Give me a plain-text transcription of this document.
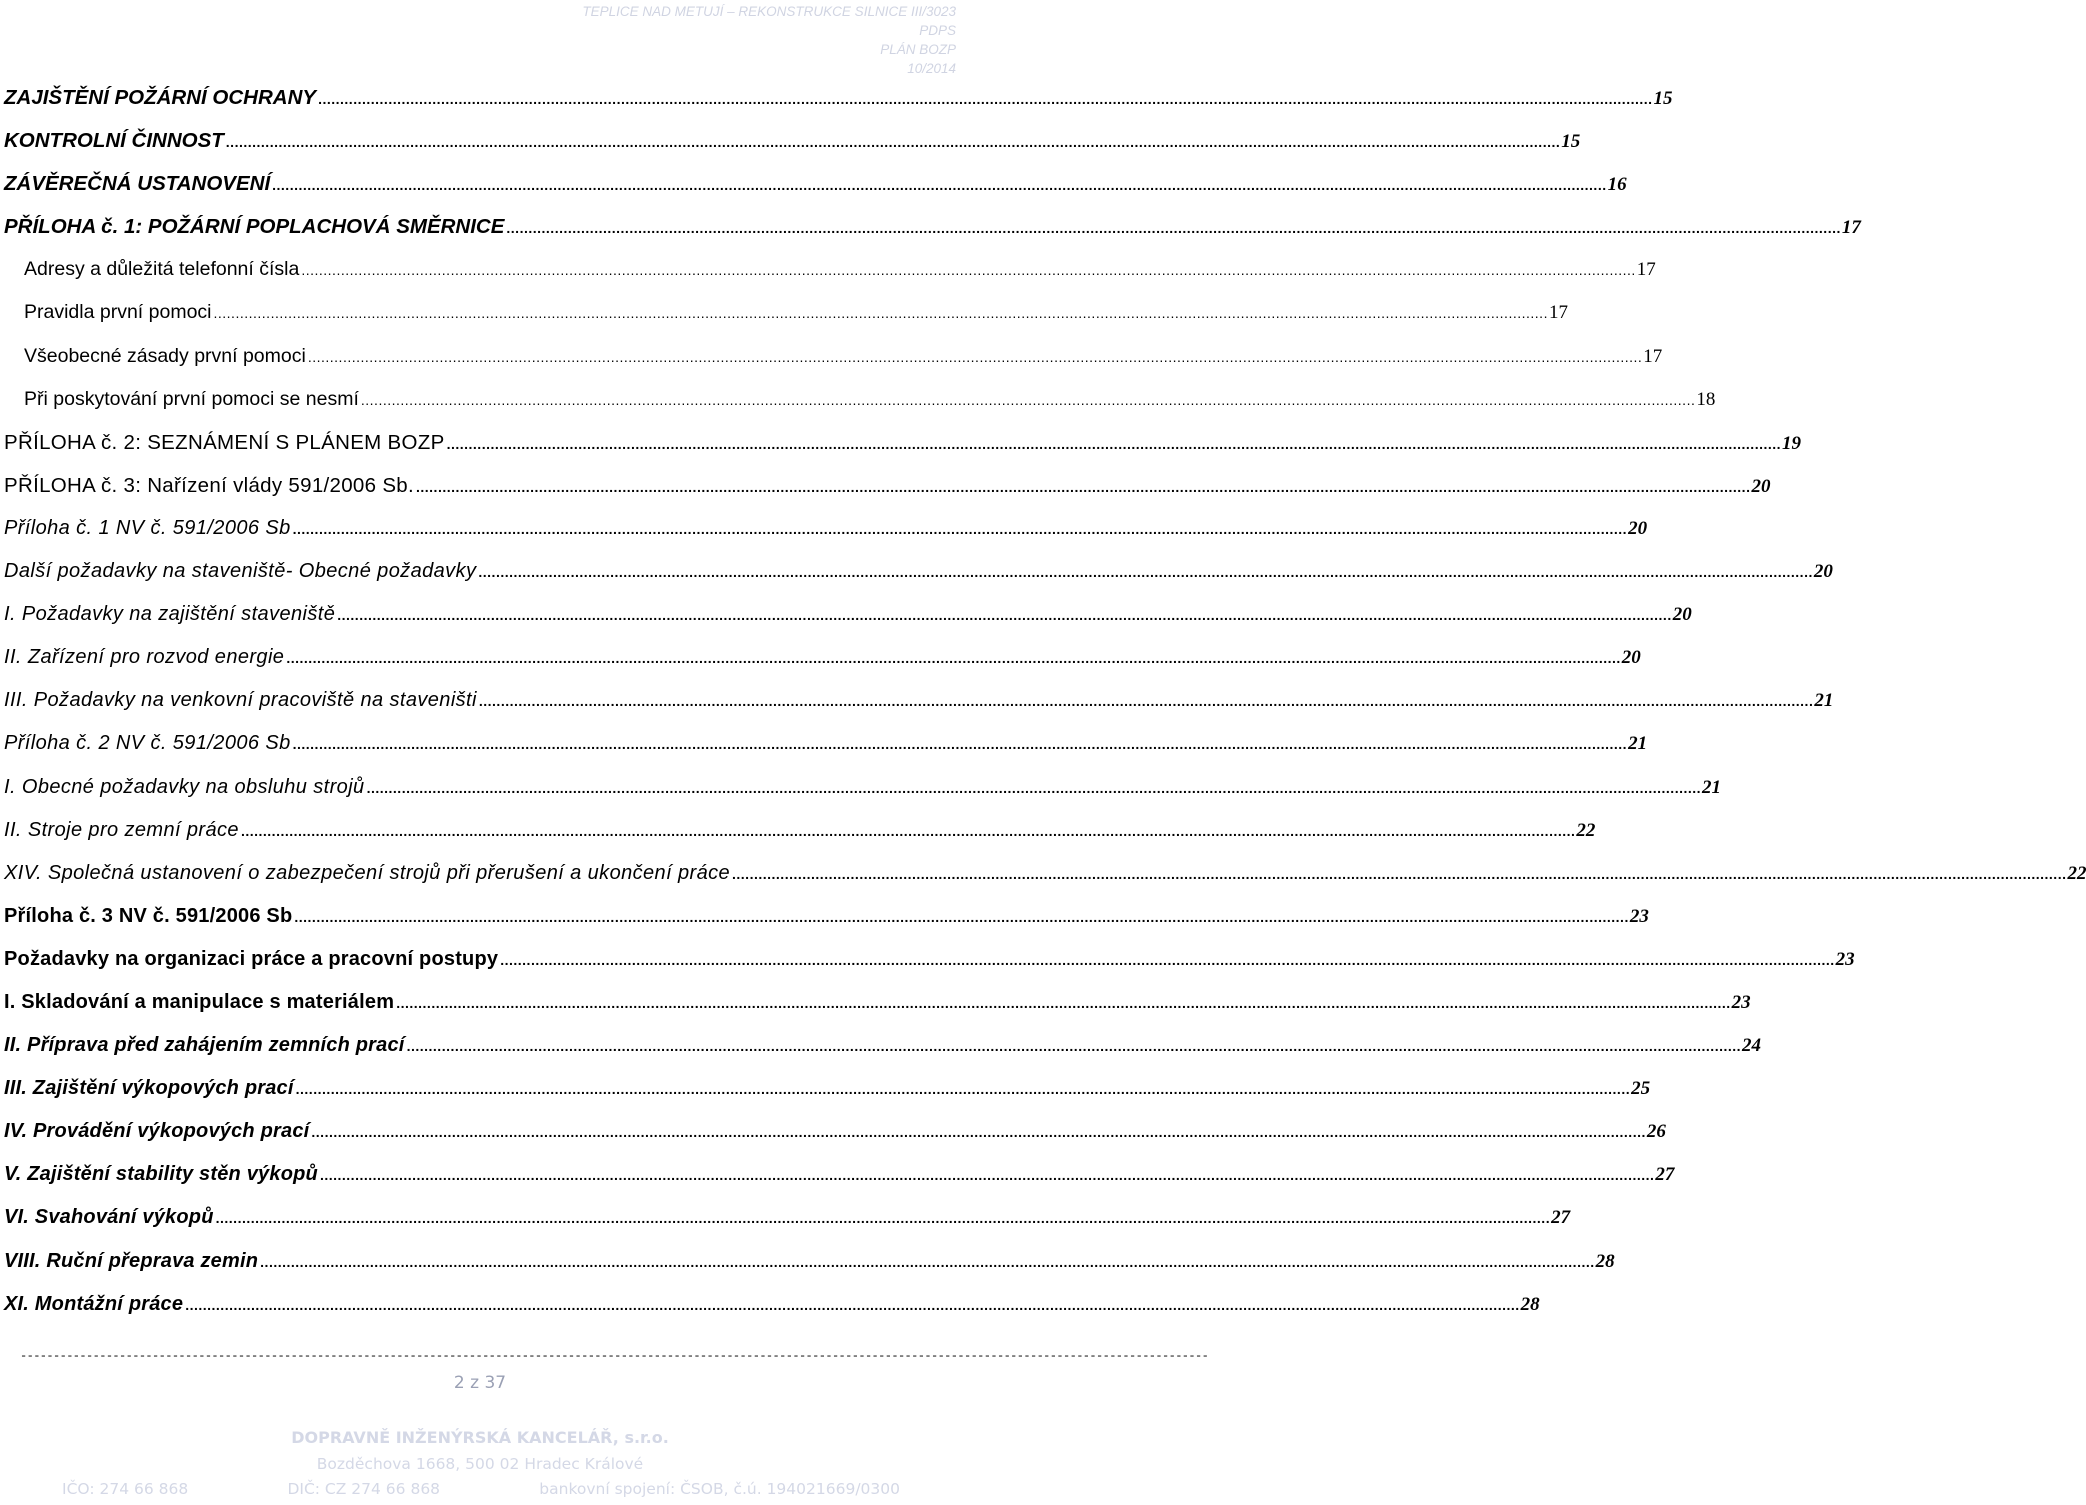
TEPLICE NAD METUJÍ – REKONSTRUKCE SILNICE III/3023
PDPS
PLÁN BOZP
10/2014
ZAJIŠTĚNÍ POŽÁRNÍ OCHRANY .....	15
KONTROLNÍ ČINNOST .....	15
ZÁVĚREČNÁ USTANOVENÍ .....	16
PŘÍLOHA č. 1: POŽÁRNÍ POPLACHOVÁ SMĚRNICE .....	17
Adresy a důležitá telefonní čísla .....	17
Pravidla první pomoci .....	17
Všeobecné zásady první pomoci .....	17
Při poskytování první pomoci se nesmí .....	18
PŘÍLOHA č. 2: SEZNÁMENÍ S PLÁNEM BOZP .....	19
PŘÍLOHA č. 3: Nařízení vlády 591/2006 Sb. .....	20
Příloha č. 1 NV č. 591/2006 Sb .....	20
Další požadavky na staveniště- Obecné požadavky .....	20
I. Požadavky na zajištění staveniště .....	20
II. Zařízení pro rozvod energie .....	20
III. Požadavky na venkovní pracoviště na staveništi .....	21
Příloha č. 2 NV č. 591/2006 Sb .....	21
I. Obecné požadavky na obsluhu strojů .....	21
II. Stroje pro zemní práce .....	22
XIV. Společná ustanovení o zabezpečení strojů při přerušení a ukončení práce .....	22
Příloha č. 3 NV č. 591/2006 Sb .....	23
Požadavky na organizaci práce a pracovní postupy .....	23
I. Skladování a manipulace s materiálem .....	23
II. Příprava před zahájením zemních prací .....	24
III. Zajištění výkopových prací .....	25
IV. Provádění výkopových prací .....	26
V. Zajištění stability stěn výkopů .....	27
VI. Svahování výkopů .....	27
VIII. Ruční přeprava zemin .....	28
XI. Montážní práce .....	28
------------------------------------------------------------------------------------------------------------------------------------------------------------------------------------
2 z 37
DOPRAVNĚ INŽENÝRSKÁ KANCELÁŘ, s.r.o.
Bozděchova 1668, 500 02 Hradec Králové
IČO: 274 66 868	DIČ: CZ 274 66 868	bankovní spojení: ČSOB, č.ú. 194021669/0300
